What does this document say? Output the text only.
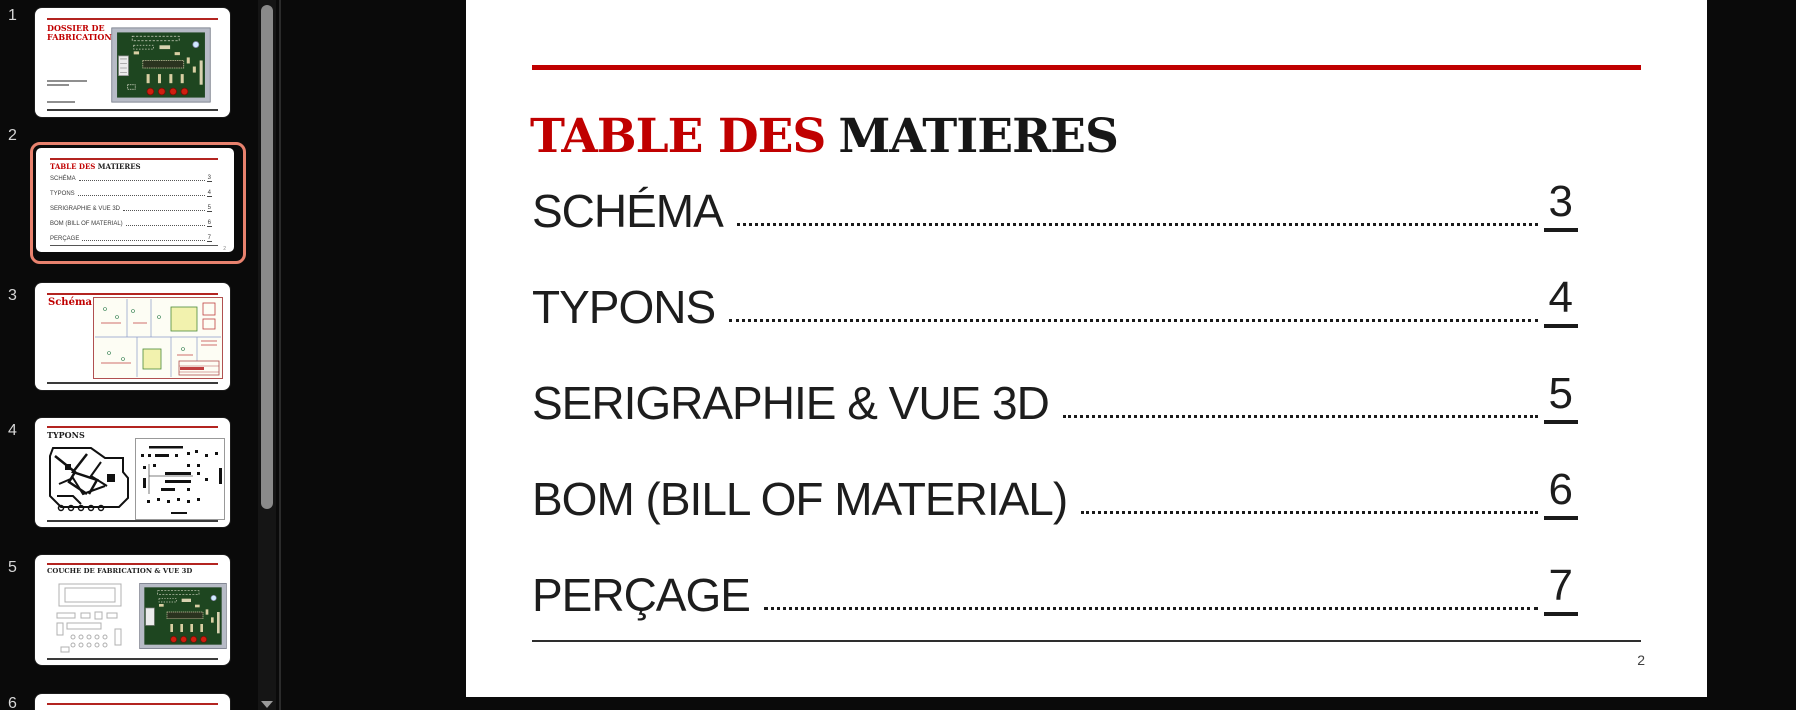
1
DOSSIER DE
FABRICATION
2
TABLE DES MATIERES
SCHÉMA	3
TYPONS	4
SERIGRAPHIE & VUE 3D	5
BOM (BILL OF MATERIAL)	6
PERÇAGE	7
2
3	Schéma
4	TYPONS
5	COUCHE DE FABRICATION & VUE 3D
6
TABLE DES MATIERES
SCHÉMA	3
TYPONS	4
SERIGRAPHIE & VUE 3D	5
BOM (BILL OF MATERIAL)	6
PERÇAGE	7
2
